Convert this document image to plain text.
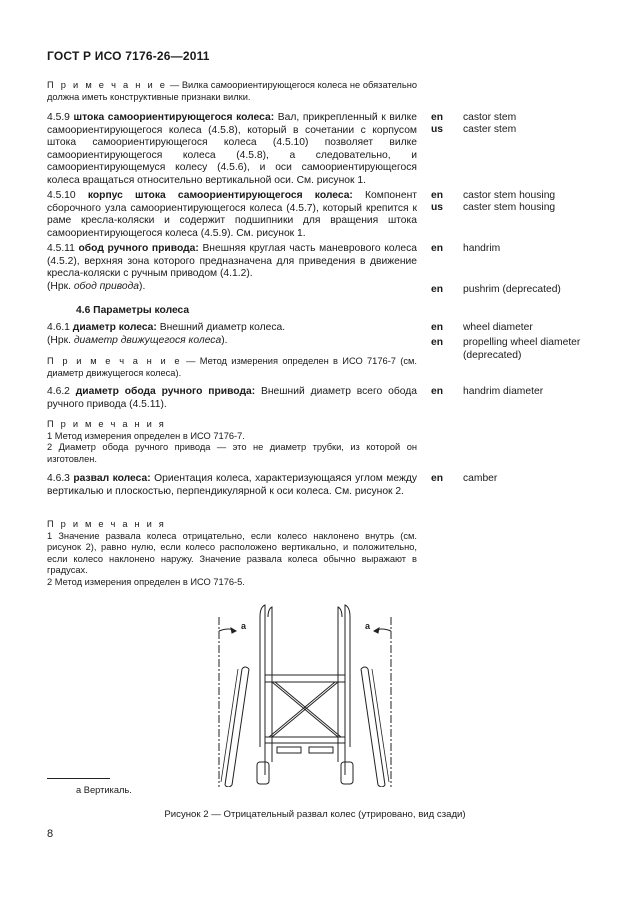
ГОСТ Р ИСО 7176-26—2011
П р и м е ч а н и е — Вилка самоориентирующегося колеса не обязательно должна иметь конструктивные признаки вилки.
4.5.9 штока самоориентирующегося колеса: Вал, прикрепленный к вилке самоориентирующегося колеса (4.5.8), который в сочетании с корпусом штока самоориентирующегося колеса (4.5.10) позволяет вилке самоориентирующегося колеса (4.5.8), а следовательно, и самоориентирующемуся колесу (4.5.6), и оси самоориентирующегося колеса вращаться относительно вертикальной оси. См. рисунок 1.
4.5.10 корпус штока самоориентирующегося колеса: Компонент сборочного узла самоориентирующегося колеса (4.5.7), который крепится к раме кресла-коляски и содержит подшипники для вращения штока самоориентирующегося колеса (4.5.9). См. рисунок 1.
4.5.11 обод ручного привода: Внешняя круглая часть маневрового колеса (4.5.2), верхняя зона которого предназначена для приведения в движение кресла-коляски с ручным приводом (4.1.2).
(Нрк. обод привода).
4.6 Параметры колеса
4.6.1 диаметр колеса: Внешний диаметр колеса.
(Нрк. диаметр движущегося колеса).
П р и м е ч а н и е — Метод измерения определен в ИСО 7176-7 (см. диаметр движущегося колеса).
4.6.2 диаметр обода ручного привода: Внешний диаметр всего обода ручного привода (4.5.11).
П р и м е ч а н и я
1 Метод измерения определен в ИСО 7176-7.
2 Диаметр обода ручного привода — это не диаметр трубки, из которой он изготовлен.
4.6.3 развал колеса: Ориентация колеса, характеризующаяся углом между вертикалью и плоскостью, перпендикулярной к оси колеса. См. рисунок 2.
П р и м е ч а н и я
1 Значение развала колеса отрицательно, если колесо наклонено внутрь (см. рисунок 2), равно нулю, если колесо расположено вертикально, и положительно, если колесо наклонено наружу. Значение развала колеса обычно выражают в градусах.
2 Метод измерения определен в ИСО 7176-5.
en castor stem
us caster stem
en castor stem housing
us caster stem housing
en handrim
en pushrim (deprecated)
en wheel diameter
en propelling wheel diameter (deprecated)
en handrim diameter
en camber
a	a
a Вертикаль.
Рисунок 2 — Отрицательный развал колес (утрировано, вид сзади)
8
